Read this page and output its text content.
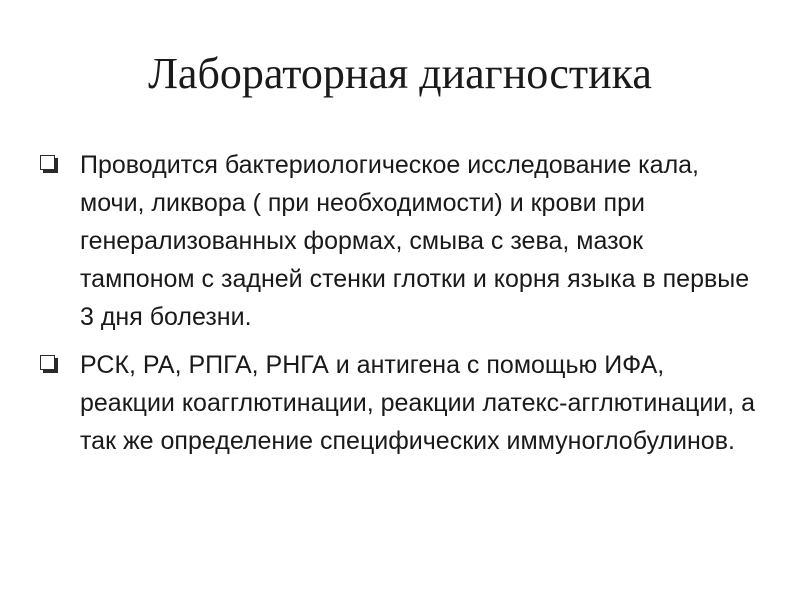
Лабораторная диагностика
Проводится бактериологическое исследование кала, мочи, ликвора ( при необходимости) и крови при генерализованных формах, смыва с зева, мазок тампоном с задней стенки глотки и корня языка в первые 3 дня болезни.
РСК, РА, РПГА, РНГА и антигена с помощью ИФА, реакции коагглютинации, реакции латекс-агглютинации, а так же определение специфических иммуноглобулинов.
